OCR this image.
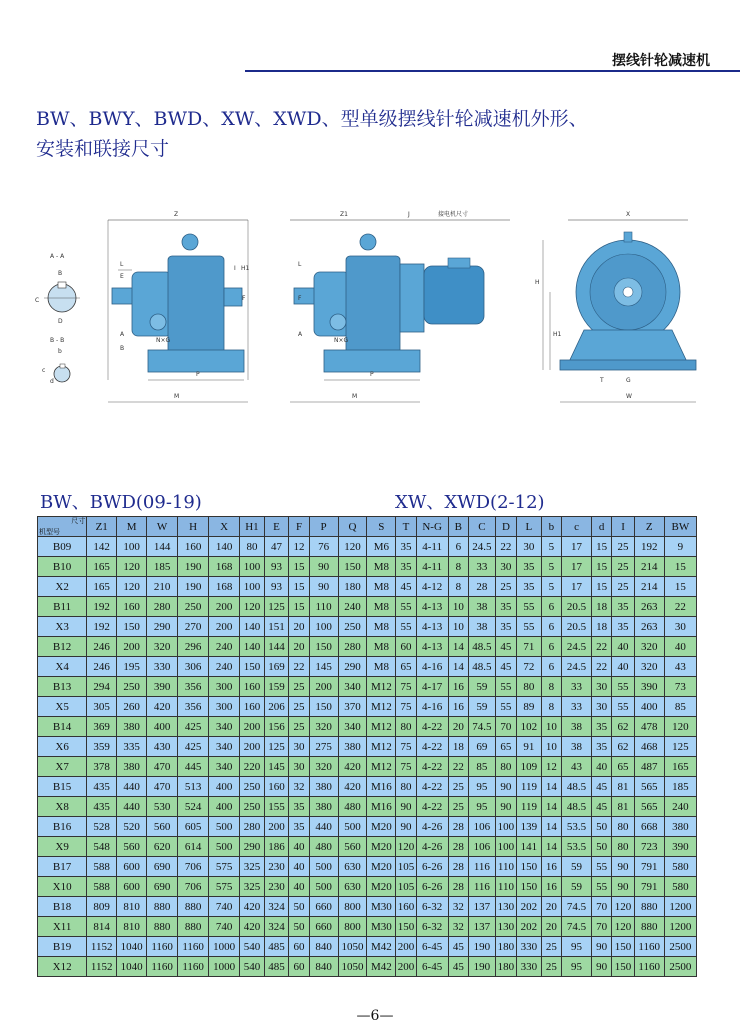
摆线针轮减速机
BW、BWY、BWD、XW、XWD、型单级摆线针轮减速机外形、
安装和联接尺寸
A - A
C
D
B
B - B
b
c
d
Z
N×G
L
E
I H1
A
B
F
P
M
Z1	J	接电机尺寸
N×G
L
F
A
P
M
X
H
H1
T	G
W
BW、BWD(09-19)	XW、XWD(2-12)
尺寸
机型号	Z1	M	W	H	X	H1	E	F	P	Q	S	T	N-G	B	C	D	L	b	c	d	I	Z	BW
B09	142	100	144	160	140	80	47	12	76	120	M6	35	4-11	6	24.5	22	30	5	17	15	25	192	9
B10	165	120	185	190	168	100	93	15	90	150	M8	35	4-11	8	33	30	35	5	17	15	25	214	15
X2	165	120	210	190	168	100	93	15	90	180	M8	45	4-12	8	28	25	35	5	17	15	25	214	15
B11	192	160	280	250	200	120	125	15	110	240	M8	55	4-13	10	38	35	55	6	20.5	18	35	263	22
X3	192	150	290	270	200	140	151	20	100	250	M8	55	4-13	10	38	35	55	6	20.5	18	35	263	30
B12	246	200	320	296	240	140	144	20	150	280	M8	60	4-13	14	48.5	45	71	6	24.5	22	40	320	40
X4	246	195	330	306	240	150	169	22	145	290	M8	65	4-16	14	48.5	45	72	6	24.5	22	40	320	43
B13	294	250	390	356	300	160	159	25	200	340	M12	75	4-17	16	59	55	80	8	33	30	55	390	73
X5	305	260	420	356	300	160	206	25	150	370	M12	75	4-16	16	59	55	89	8	33	30	55	400	85
B14	369	380	400	425	340	200	156	25	320	340	M12	80	4-22	20	74.5	70	102	10	38	35	62	478	120
X6	359	335	430	425	340	200	125	30	275	380	M12	75	4-22	18	69	65	91	10	38	35	62	468	125
X7	378	380	470	445	340	220	145	30	320	420	M12	75	4-22	22	85	80	109	12	43	40	65	487	165
B15	435	440	470	513	400	250	160	32	380	420	M16	80	4-22	25	95	90	119	14	48.5	45	81	565	185
X8	435	440	530	524	400	250	155	35	380	480	M16	90	4-22	25	95	90	119	14	48.5	45	81	565	240
B16	528	520	560	605	500	280	200	35	440	500	M20	90	4-26	28	106	100	139	14	53.5	50	80	668	380
X9	548	560	620	614	500	290	186	40	480	560	M20	120	4-26	28	106	100	141	14	53.5	50	80	723	390
B17	588	600	690	706	575	325	230	40	500	630	M20	105	6-26	28	116	110	150	16	59	55	90	791	580
X10	588	600	690	706	575	325	230	40	500	630	M20	105	6-26	28	116	110	150	16	59	55	90	791	580
B18	809	810	880	880	740	420	324	50	660	800	M30	160	6-32	32	137	130	202	20	74.5	70	120	880	1200
X11	814	810	880	880	740	420	324	50	660	800	M30	150	6-32	32	137	130	202	20	74.5	70	120	880	1200
B19	1152	1040	1160	1160	1000	540	485	60	840	1050	M42	200	6-45	45	190	180	330	25	95	90	150	1160	2500
X12	1152	1040	1160	1160	1000	540	485	60	840	1050	M42	200	6-45	45	190	180	330	25	95	90	150	1160	2500
—6—
